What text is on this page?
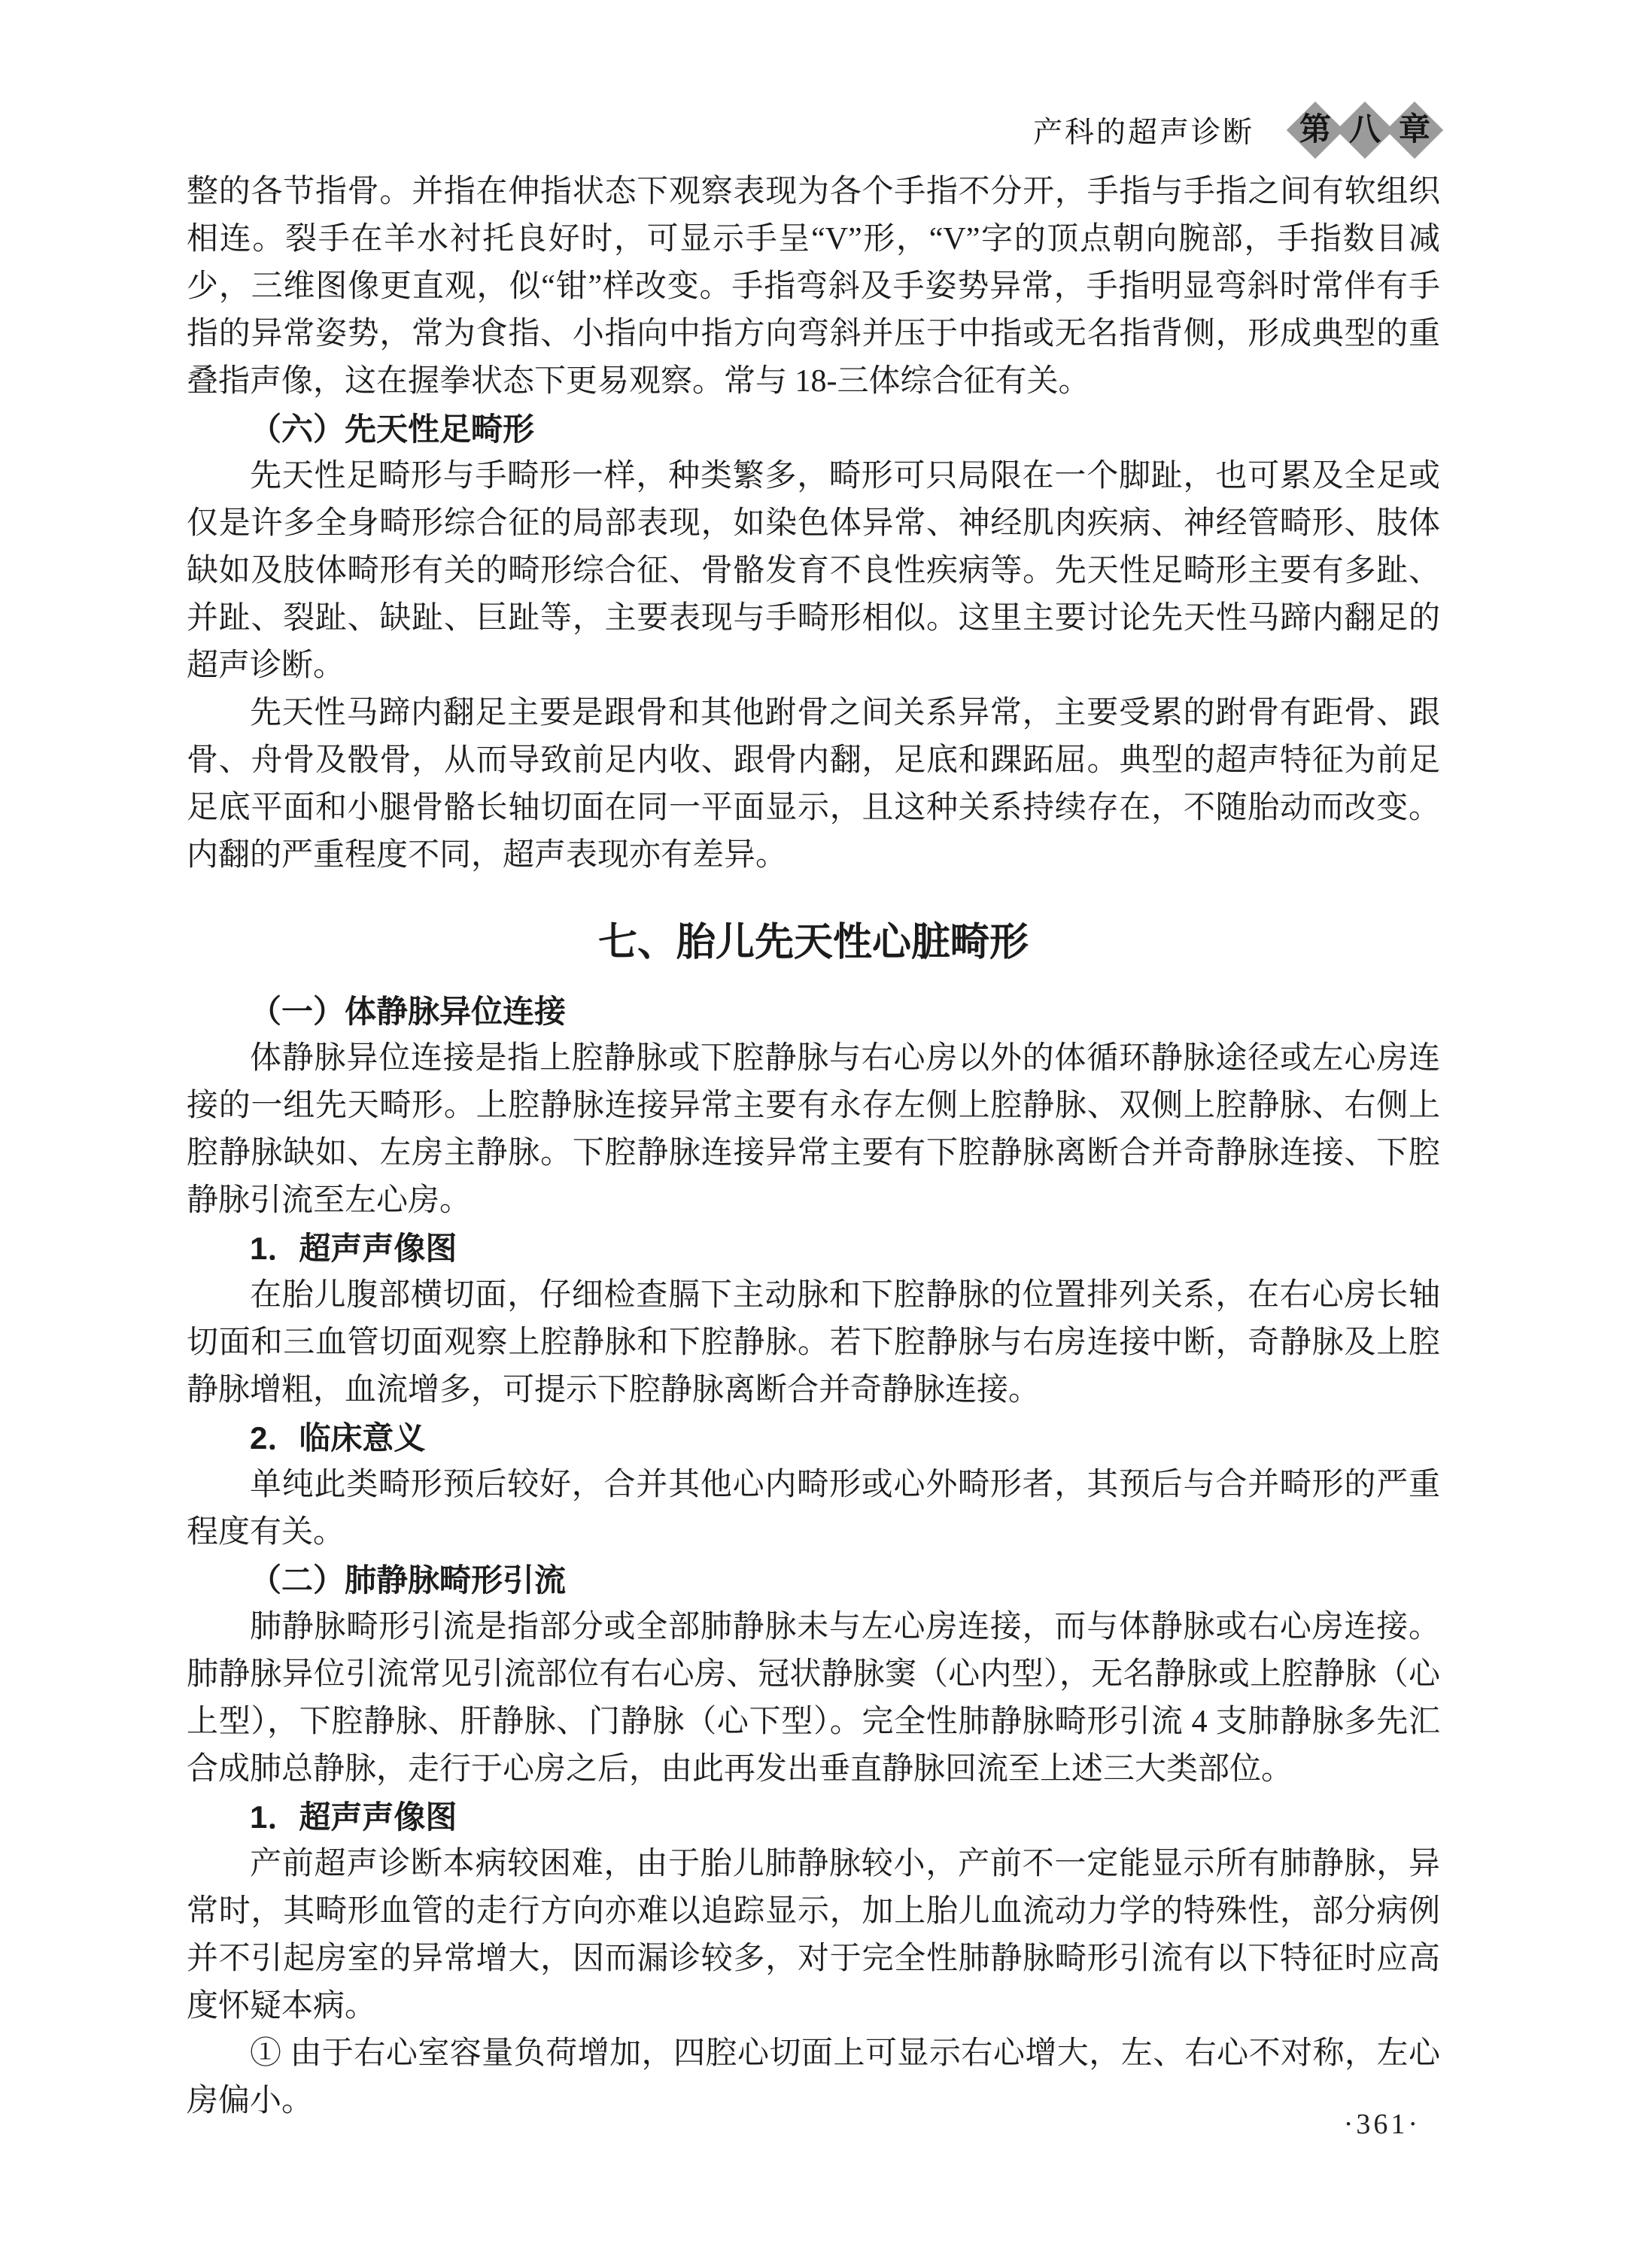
产科的超声诊断 第 八 章

整的各节指骨。并指在伸指状态下观察表现为各个手指不分开，手指与手指之间有软组织相连。裂手在羊水衬托良好时，可显示手呈“V”形，“V”字的顶点朝向腕部，手指数目减少，三维图像更直观，似“钳”样改变。手指弯斜及手姿势异常，手指明显弯斜时常伴有手指的异常姿势，常为食指、小指向中指方向弯斜并压于中指或无名指背侧，形成典型的重叠指声像，这在握拳状态下更易观察。常与 18-三体综合征有关。

（六）先天性足畸形

先天性足畸形与手畸形一样，种类繁多，畸形可只局限在一个脚趾，也可累及全足或仅是许多全身畸形综合征的局部表现，如染色体异常、神经肌肉疾病、神经管畸形、肢体缺如及肢体畸形有关的畸形综合征、骨骼发育不良性疾病等。先天性足畸形主要有多趾、并趾、裂趾、缺趾、巨趾等，主要表现与手畸形相似。这里主要讨论先天性马蹄内翻足的超声诊断。

先天性马蹄内翻足主要是跟骨和其他跗骨之间关系异常，主要受累的跗骨有距骨、跟骨、舟骨及骰骨，从而导致前足内收、跟骨内翻，足底和踝跖屈。典型的超声特征为前足足底平面和小腿骨骼长轴切面在同一平面显示，且这种关系持续存在，不随胎动而改变。内翻的严重程度不同，超声表现亦有差异。

七、胎儿先天性心脏畸形
（一）体静脉异位连接

体静脉异位连接是指上腔静脉或下腔静脉与右心房以外的体循环静脉途径或左心房连接的一组先天畸形。上腔静脉连接异常主要有永存左侧上腔静脉、双侧上腔静脉、右侧上腔静脉缺如、左房主静脉。下腔静脉连接异常主要有下腔静脉离断合并奇静脉连接、下腔静脉引流至左心房。

1．超声声像图

在胎儿腹部横切面，仔细检查膈下主动脉和下腔静脉的位置排列关系，在右心房长轴切面和三血管切面观察上腔静脉和下腔静脉。若下腔静脉与右房连接中断，奇静脉及上腔静脉增粗，血流增多，可提示下腔静脉离断合并奇静脉连接。

2．临床意义

单纯此类畸形预后较好，合并其他心内畸形或心外畸形者，其预后与合并畸形的严重程度有关。

（二）肺静脉畸形引流

肺静脉畸形引流是指部分或全部肺静脉未与左心房连接，而与体静脉或右心房连接。肺静脉异位引流常见引流部位有右心房、冠状静脉窦（心内型），无名静脉或上腔静脉（心上型），下腔静脉、肝静脉、门静脉（心下型）。完全性肺静脉畸形引流 4 支肺静脉多先汇合成肺总静脉，走行于心房之后，由此再发出垂直静脉回流至上述三大类部位。

1．超声声像图

产前超声诊断本病较困难，由于胎儿肺静脉较小，产前不一定能显示所有肺静脉，异常时，其畸形血管的走行方向亦难以追踪显示，加上胎儿血流动力学的特殊性，部分病例并不引起房室的异常增大，因而漏诊较多，对于完全性肺静脉畸形引流有以下特征时应高度怀疑本病。

① 由于右心室容量负荷增加，四腔心切面上可显示右心增大，左、右心不对称，左心房偏小。

·361·
